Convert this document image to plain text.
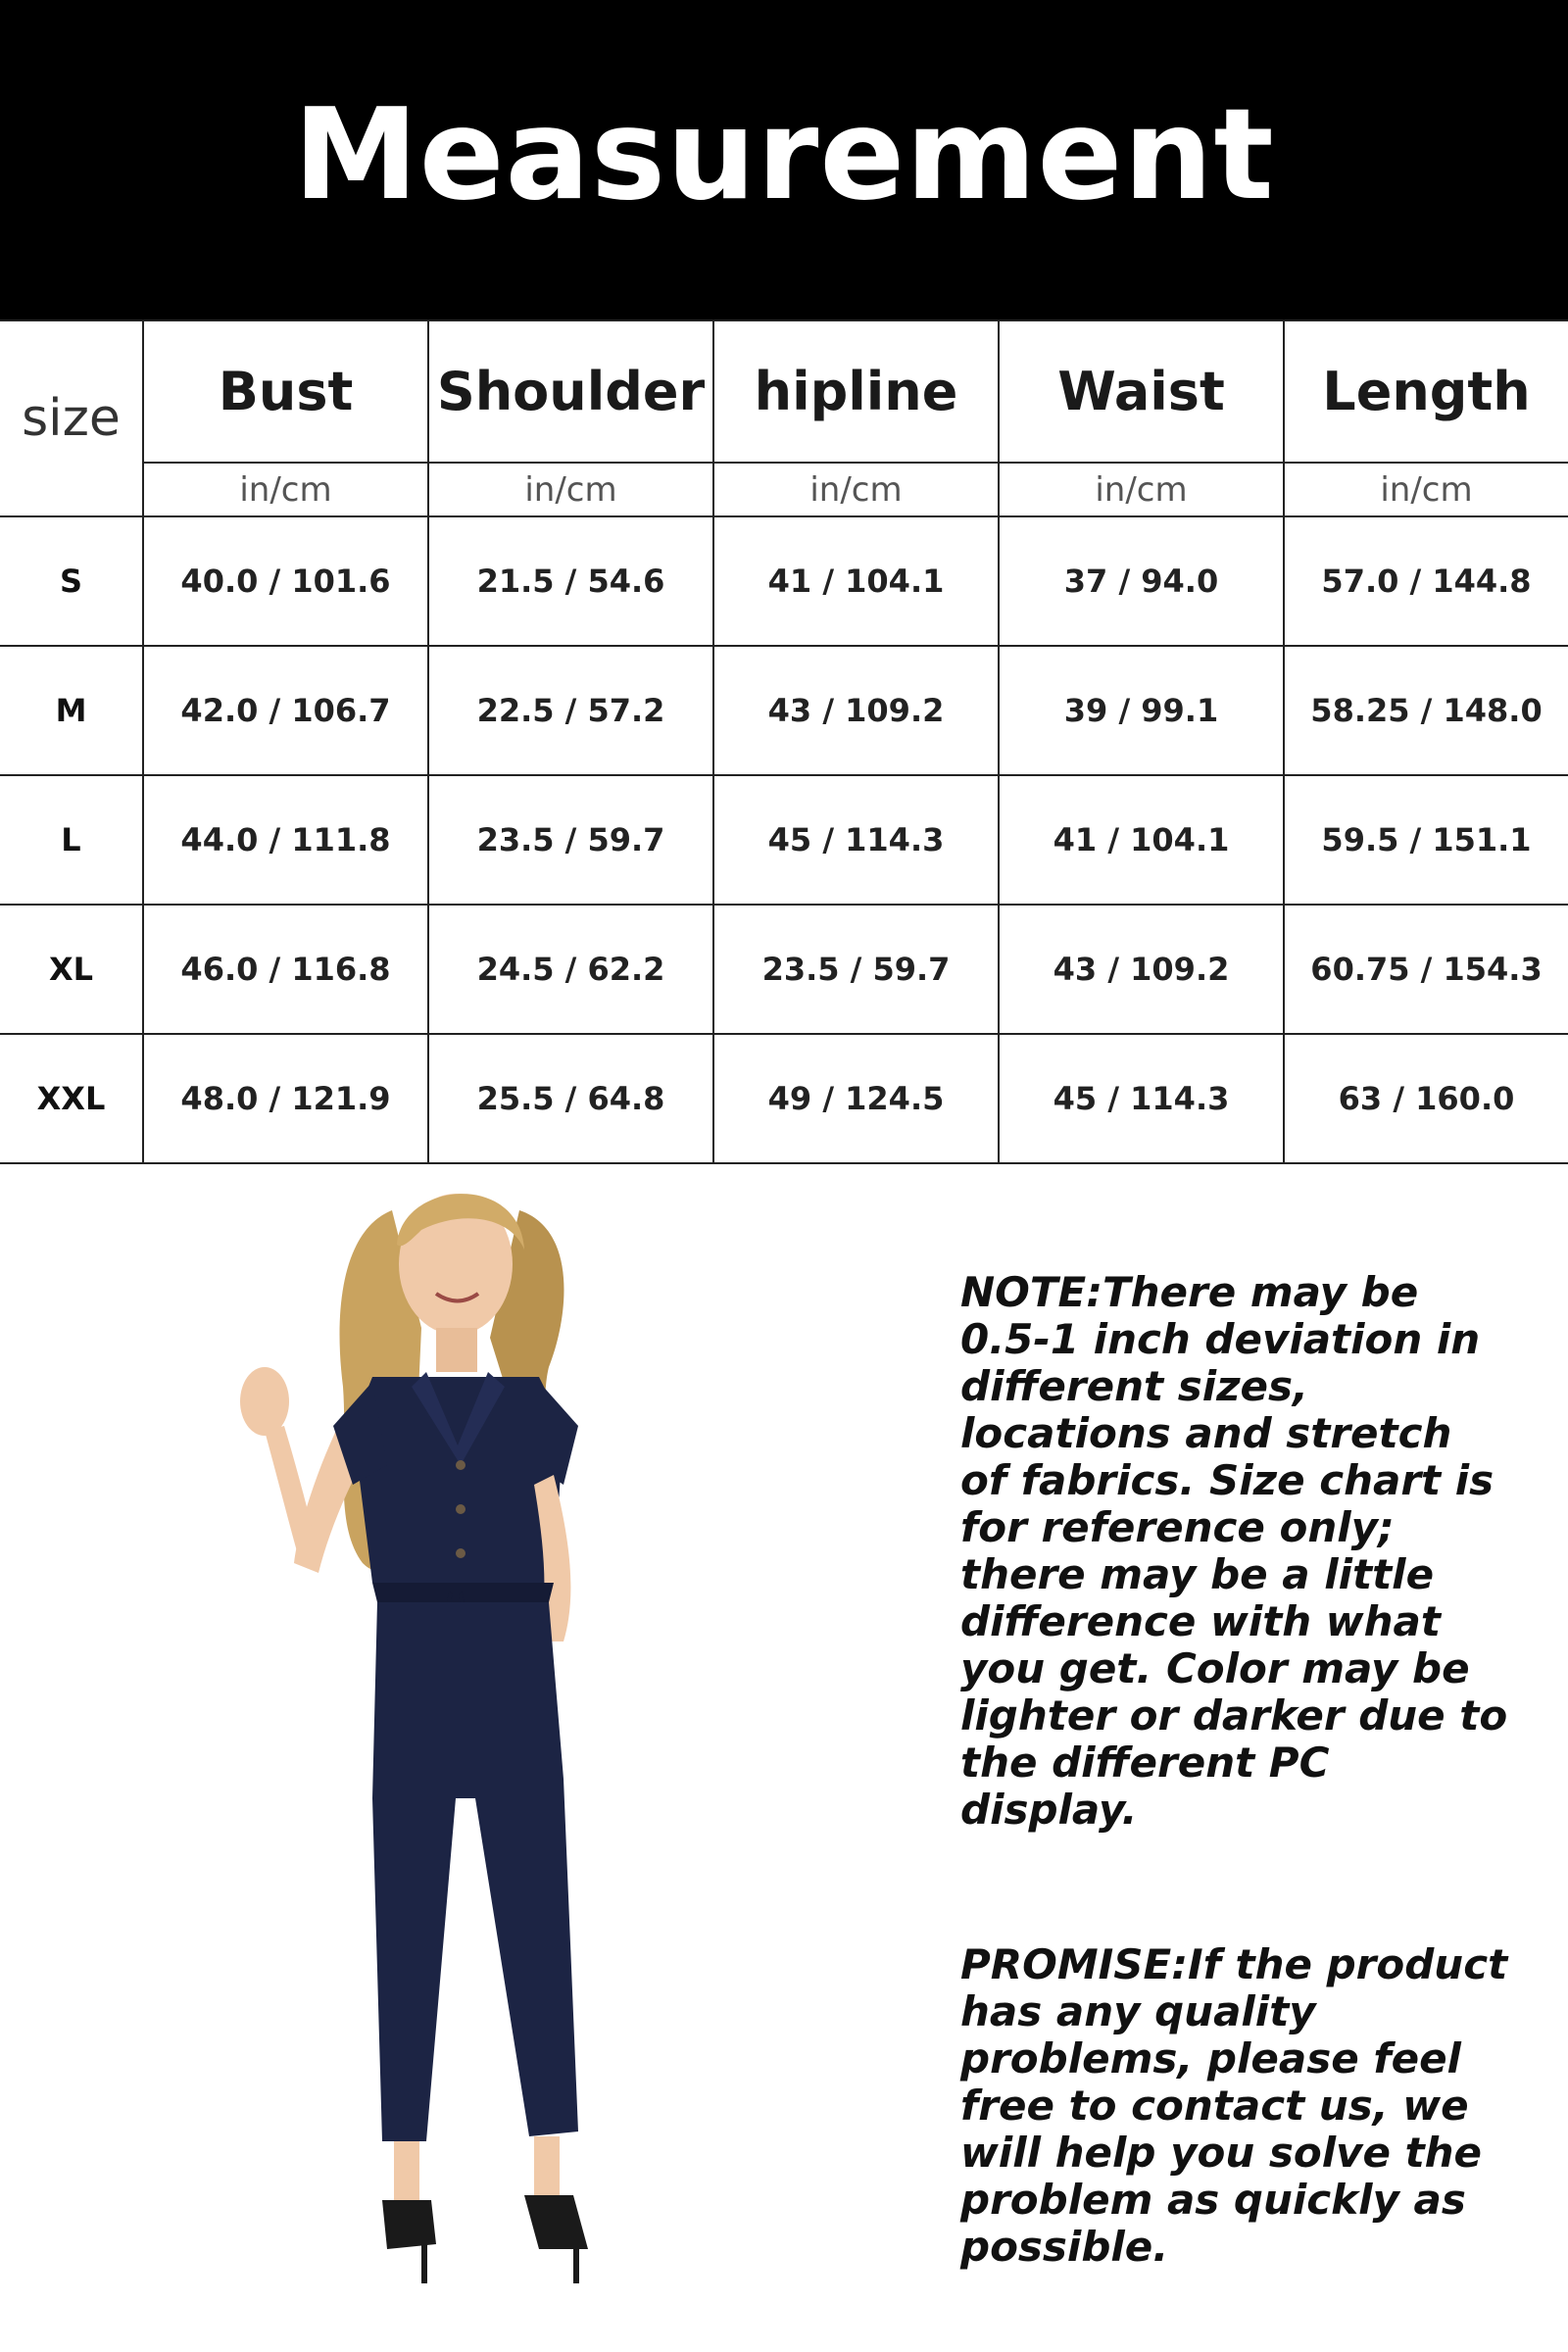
Measurement
size	Bust	Shoulder	hipline	Waist	Length
	in/cm	in/cm	in/cm	in/cm	in/cm
S	40.0 / 101.6	21.5 / 54.6	41 / 104.1	37 / 94.0	57.0 / 144.8
M	42.0 / 106.7	22.5 / 57.2	43 / 109.2	39 / 99.1	58.25 / 148.0
L	44.0 / 111.8	23.5 / 59.7	45 / 114.3	41 / 104.1	59.5 / 151.1
XL	46.0 / 116.8	24.5 / 62.2	23.5 / 59.7	43 / 109.2	60.75 / 154.3
XXL	48.0 / 121.9	25.5 / 64.8	49 / 124.5	45 / 114.3	63 / 160.0

NOTE:There may be 0.5-1 inch deviation in different sizes, locations and stretch of fabrics. Size chart is for reference only; there may be a little difference with what you get. Color may be lighter or darker due to the different PC display.

PROMISE:If the product has any quality problems, please feel free to contact us, we will help you solve the problem as quickly as possible.
